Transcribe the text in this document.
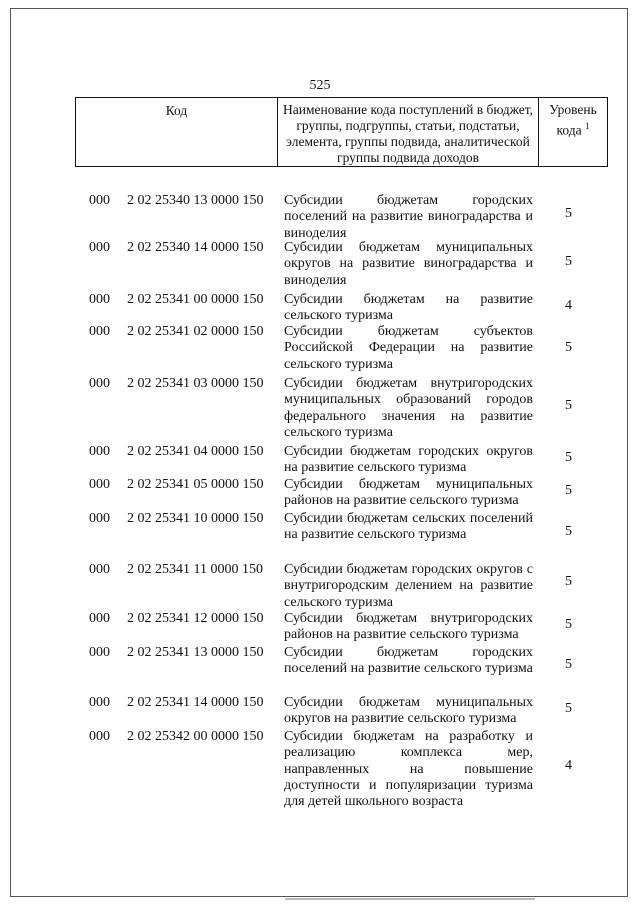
525
Код	Наименование кода поступлений в бюджет, группы, подгруппы, статьи, подстатьи, элемента, группы подвида, аналитической группы подвида доходов
Уровень
кода $^1$
000 2 02 25340 13 0000 150 Субсидии бюджетам городских поселений на развитие виноградарства и виноделия
5
000 2 02 25340 14 0000 150 Субсидии бюджетам муниципальных округов на развитие виноградарства и виноделия
5
000 2 02 25341 00 0000 150 Субсидии бюджетам на развитие сельского туризма
4
000 2 02 25341 02 0000 150 Субсидии бюджетам субъектов Российской Федерации на развитие сельского туризма
5
000 2 02 25341 03 0000 150 Субсидии бюджетам внутригородских муниципальных образований городов федерального значения на развитие сельского туризма
5
000 2 02 25341 04 0000 150 Субсидии бюджетам городских округов на развитие сельского туризма
5
000 2 02 25341 05 0000 150 Субсидии бюджетам муниципальных районов на развитие сельского туризма
5
000 2 02 25341 10 0000 150 Субсидии бюджетам сельских поселений на развитие сельского туризма	5
000 2 02 25341 11 0000 150 Субсидии бюджетам городских округов с внутригородским делением на развитие сельского туризма
5
000 2 02 25341 12 0000 150 Субсидии бюджетам внутригородских районов на развитие сельского туризма
5
000 2 02 25341 13 0000 150 Субсидии бюджетам городских поселений на развитие сельского туризма 5
000 2 02 25341 14 0000 150 Субсидии бюджетам муниципальных округов на развитие сельского туризма
5
000 2 02 25342 00 0000 150 Субсидии бюджетам на разработку и реализацию комплекса мер, направленных на повышение доступности и популяризации туризма для детей школьного возраста
4
